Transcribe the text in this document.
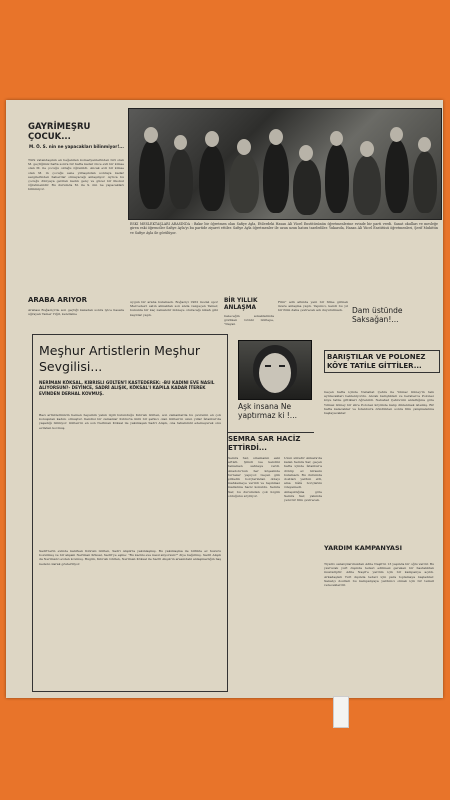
GAYRİMEŞRU ÇOCUK...
M. Ö. S. nin ne yapacakları bilinmiyor!...
Türk vatandaşının en beğenilen komedyenlerinden biri olan M. geçtiğimiz hafta sonra bir hafta kadar önce evli bir kimse olan M. ile çocuğu olduğu öğrenildi. Ancak evli bir kimse olan M. in çocuğu sene yılbaşından sonraya kadar sezgilerinden haberdar olmayacağı anlaşılıyor. Ayrıca bu çocuğu dünyaya getiren kadın genç ve güzel bir ilkokul öğretmenidir. Bu durumda M. ile S. nin ne yapacakları bilinmiyor.
ARABA ARIYOR
Arabası Boğaziçi'de son geçtiği kazadan sonra iyice hasara uğrayan Tamer Yiğit, kendisine
ESKİ MESLEKTAŞLARI ARASINDA : Bakır bir öğretmen olan Safiye Ayla, Etilerdeki Hasan Ali Yücel Enstitüsünün öğretmenlerine evinde bir parti verdi. Sanat okulları ve mesleğe giren eski öğrenciler Safiye Ayla'yı bu partide ziyaret ettiler. Safiye Ayla öğretmenler ile uzun uzun hatıra tazelediler. Yukarıda, Hasan Ali Yücel Enstitüsü öğretmenleri, Şerif Muhittin ve Safiye Ayla ile görülüyor.
uygun bir araba bulamadı. Boğaziçi 1962 model spor Mercedes'i satın almaktan son anda vazgeçen Tamer, bununla bir kaç zamandır müzeye oturacağı nikah gibi kayıtlar yaptı.
BİR YILLIK ANLAŞMA
Geleceğin sokaklarında gözüken Gönül Gültepe, "Dayan
Film" adlı altında yeni bir filme girmek üzere anlaşma yaptı. Yapımcı, kendi bu yıl bir filmi daha çevirecek adı duyurulmadı.	Dam üstünde Saksağan!...
Meşhur Artistlerin Meşhur Sevgilisi...
NERİMAN KÖKSAL, KIBRISLI GÜLTEN'İ KASTEDEREK: -BU KADINI EVE NASIL ALIYORSUN?- DEYİNCE, SADRİ ALIŞIK, KÖKSAL'I KAPILA KADAR İTEREK EVİNDEN DERHAL KOVMUŞ.
Bazı artistlerimizin hemen hepsinin yakın ilgili bulunduğu Kıbrıslı Gülten, son zamanlarda bu çevrenin en çok konuşulan kadını olmuştur. Kendisi bir zamanlar Kıbrıs'ta ünlü bir şarkıcı olan Gülten'in uzun yıllar İstanbul'da yaşadığı biliniyor. Gülten'in en son Neriman Köksal ile yakınlaşan Sadri Alışık, ona tahammül edemeyerek onu evinden kovmuş.
Sadri'lerin evinde kalırken Kıbrıslı Gülten, Sadri Alışık'la yakınlaşmış. Bu yakınlaşma ile birlikte ev huzuru bozulmuş ve bir akşam Neriman Köksal, Sadri'ye eşine: "Bu kadını eve nasıl alıyorsun?" diye bağırmış. Sadri Alışık da Neriman'ı evden kovmuş. Bugün, Kıbrıslı Gülten, Neriman Köksal ile Sadri Alışık'ın arasındaki anlaşmazlığın baş nedeni olarak gösteriliyor.
Aşk insana Ne yaptırmaz ki !...
SEMRA SAR HACİZ ETTİRDİ...
Semra Sar, sinemanın eski artisti. Şimdi ise kendini tamamen sahneye verdi. Anadolu'nun her köşesinde turneler yapıyor. Geçen gün şirketin borçlarından dolayı mahkemeye verildi ve taşınmaz mallarına haciz konuldu. Semra Sar, bu durumdan çok üzgün olduğunu söylüyor.
Uzun süredir Ankara'da kalan Semra Sar, geçen hafta içinde İstanbul'a dönüp ev kirasını bulamadı. Bu durumda dostları yardım etti, ama hâlâ borçlarını ödeyemedi. Anlaşıldığına göre Semra Sar, yakında yeni bir film çevirecek.
BARIŞTILAR VE POLONEZ KÖYE TATİLE GİTTİLER...
Geçen hafta içinde Nebahat Çehre ile Yılmaz Güney'in tam ayrılacakları bekleniyordu. Ancak barıştıkları ve beraberce Polonez köye tatile gittikleri öğrenildi. Nebahat Çehre'nin anlattığına göre Yılmaz Güney bir süre Polonez köyünde kalıp dinlenmek istemiş. Bir hafta kalacaklar ve İstanbul'a döndükten sonra film çalışmalarına başlayacaklar.
YARDIM KAMPANYASI
Tiyatro sanatçılarımızdan Adile Naşit'in 13 yaşında bir oğlu vardır. Bu yavrucak yurt dışında tedavi edilmesi gereken bir hastalıktan mustariptir. Adile Naşit'e yardım için bir kampanya açıldı. Arkadaşları Yurt dışında tedavi için para toplamaya başladılar. Sanatçı dostları bu kampanyaya yardımcı olmak için bir temsil vereceklerdir.
